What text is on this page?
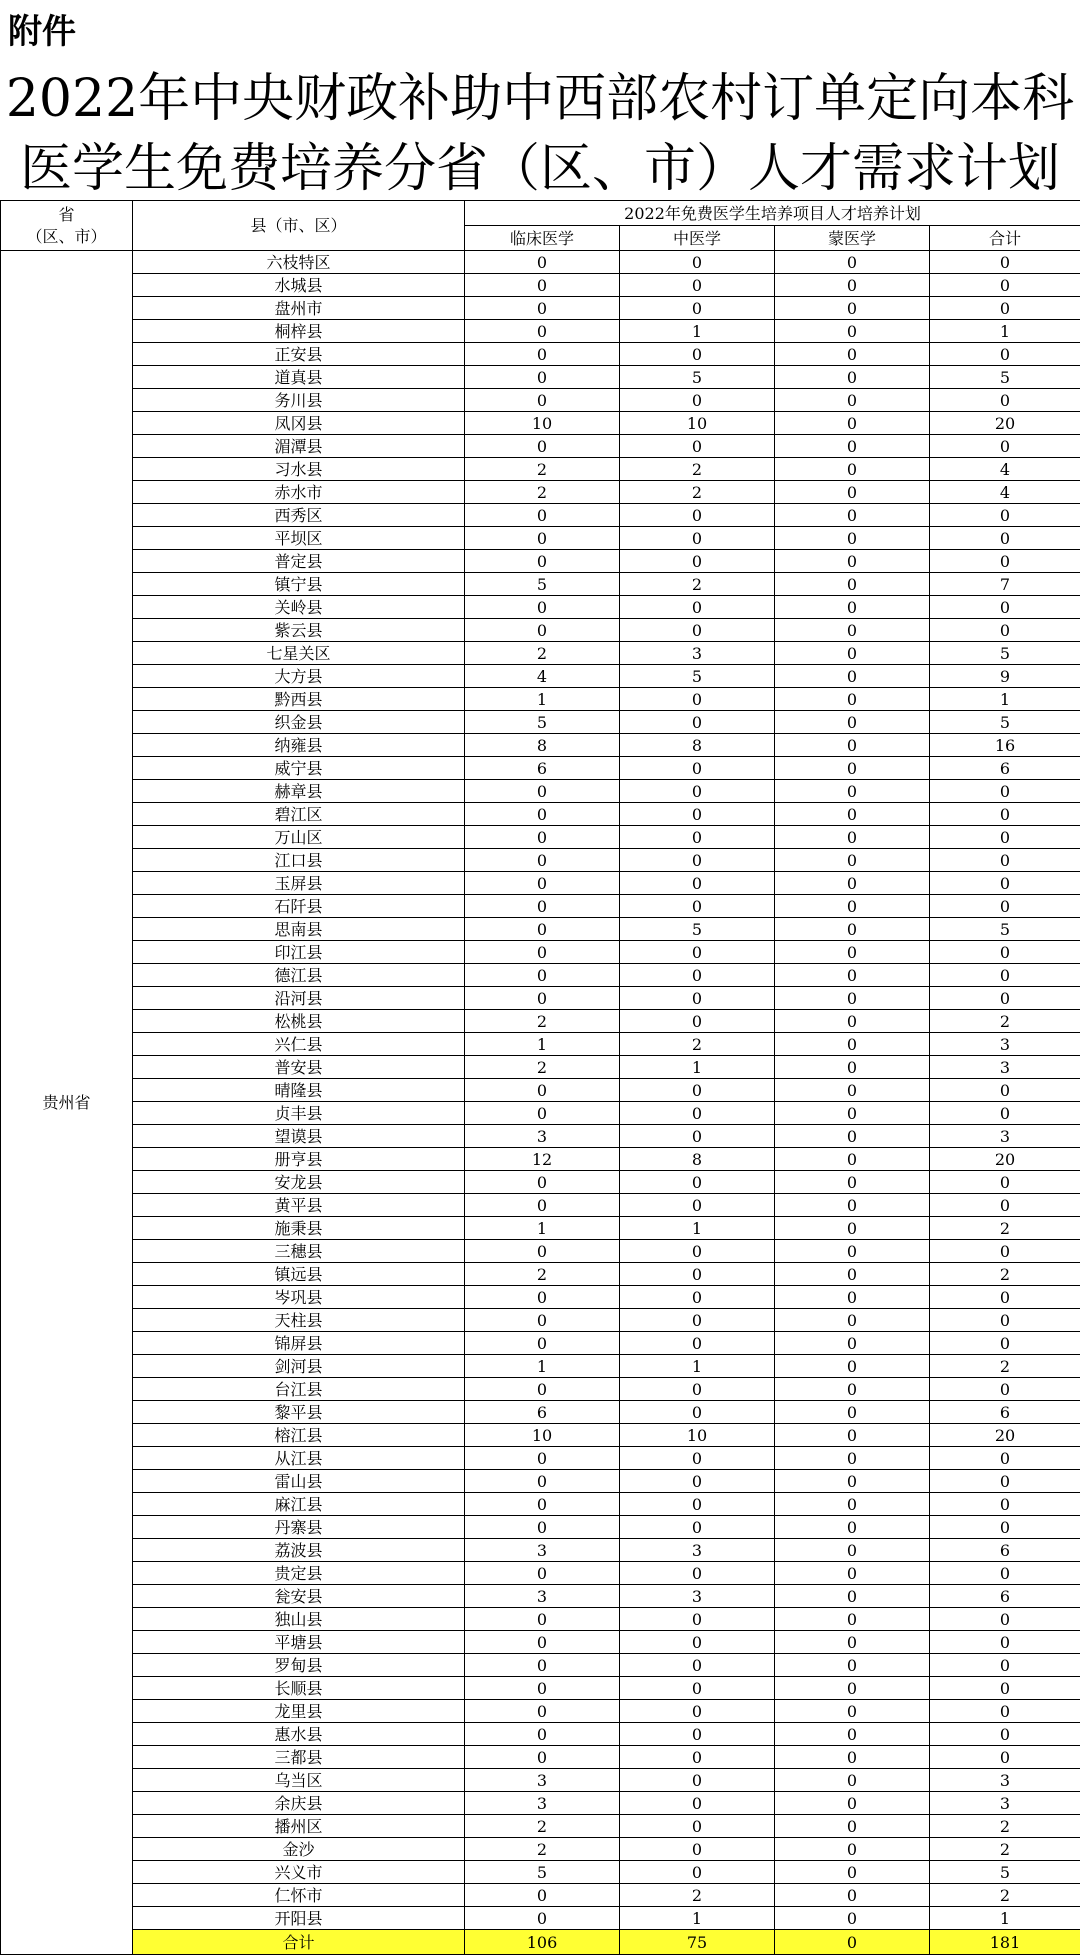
附件
2022年中央财政补助中西部农村订单定向本科
医学生免费培养分省（区、市）人才需求计划
省
（区、市）	县（市、区）	2022年免费医学生培养项目人才培养计划			
		临床医学	中医学	蒙医学	合计
贵州省	六枝特区	0	0	0	0
	水城县	0	0	0	0
	盘州市	0	0	0	0
	桐梓县	0	1	0	1
	正安县	0	0	0	0
	道真县	0	5	0	5
	务川县	0	0	0	0
	凤冈县	10	10	0	20
	湄潭县	0	0	0	0
	习水县	2	2	0	4
	赤水市	2	2	0	4
	西秀区	0	0	0	0
	平坝区	0	0	0	0
	普定县	0	0	0	0
	镇宁县	5	2	0	7
	关岭县	0	0	0	0
	紫云县	0	0	0	0
	七星关区	2	3	0	5
	大方县	4	5	0	9
	黔西县	1	0	0	1
	织金县	5	0	0	5
	纳雍县	8	8	0	16
	威宁县	6	0	0	6
	赫章县	0	0	0	0
	碧江区	0	0	0	0
	万山区	0	0	0	0
	江口县	0	0	0	0
	玉屏县	0	0	0	0
	石阡县	0	0	0	0
	思南县	0	5	0	5
	印江县	0	0	0	0
	德江县	0	0	0	0
	沿河县	0	0	0	0
	松桃县	2	0	0	2
	兴仁县	1	2	0	3
	普安县	2	1	0	3
	晴隆县	0	0	0	0
	贞丰县	0	0	0	0
	望谟县	3	0	0	3
	册亨县	12	8	0	20
	安龙县	0	0	0	0
	黄平县	0	0	0	0
	施秉县	1	1	0	2
	三穗县	0	0	0	0
	镇远县	2	0	0	2
	岑巩县	0	0	0	0
	天柱县	0	0	0	0
	锦屏县	0	0	0	0
	剑河县	1	1	0	2
	台江县	0	0	0	0
	黎平县	6	0	0	6
	榕江县	10	10	0	20
	从江县	0	0	0	0
	雷山县	0	0	0	0
	麻江县	0	0	0	0
	丹寨县	0	0	0	0
	荔波县	3	3	0	6
	贵定县	0	0	0	0
	瓮安县	3	3	0	6
	独山县	0	0	0	0
	平塘县	0	0	0	0
	罗甸县	0	0	0	0
	长顺县	0	0	0	0
	龙里县	0	0	0	0
	惠水县	0	0	0	0
	三都县	0	0	0	0
	乌当区	3	0	0	3
	余庆县	3	0	0	3
	播州区	2	0	0	2
	金沙	2	0	0	2
	兴义市	5	0	0	5
	仁怀市	0	2	0	2
	开阳县	0	1	0	1
	合计	106	75	0	181
